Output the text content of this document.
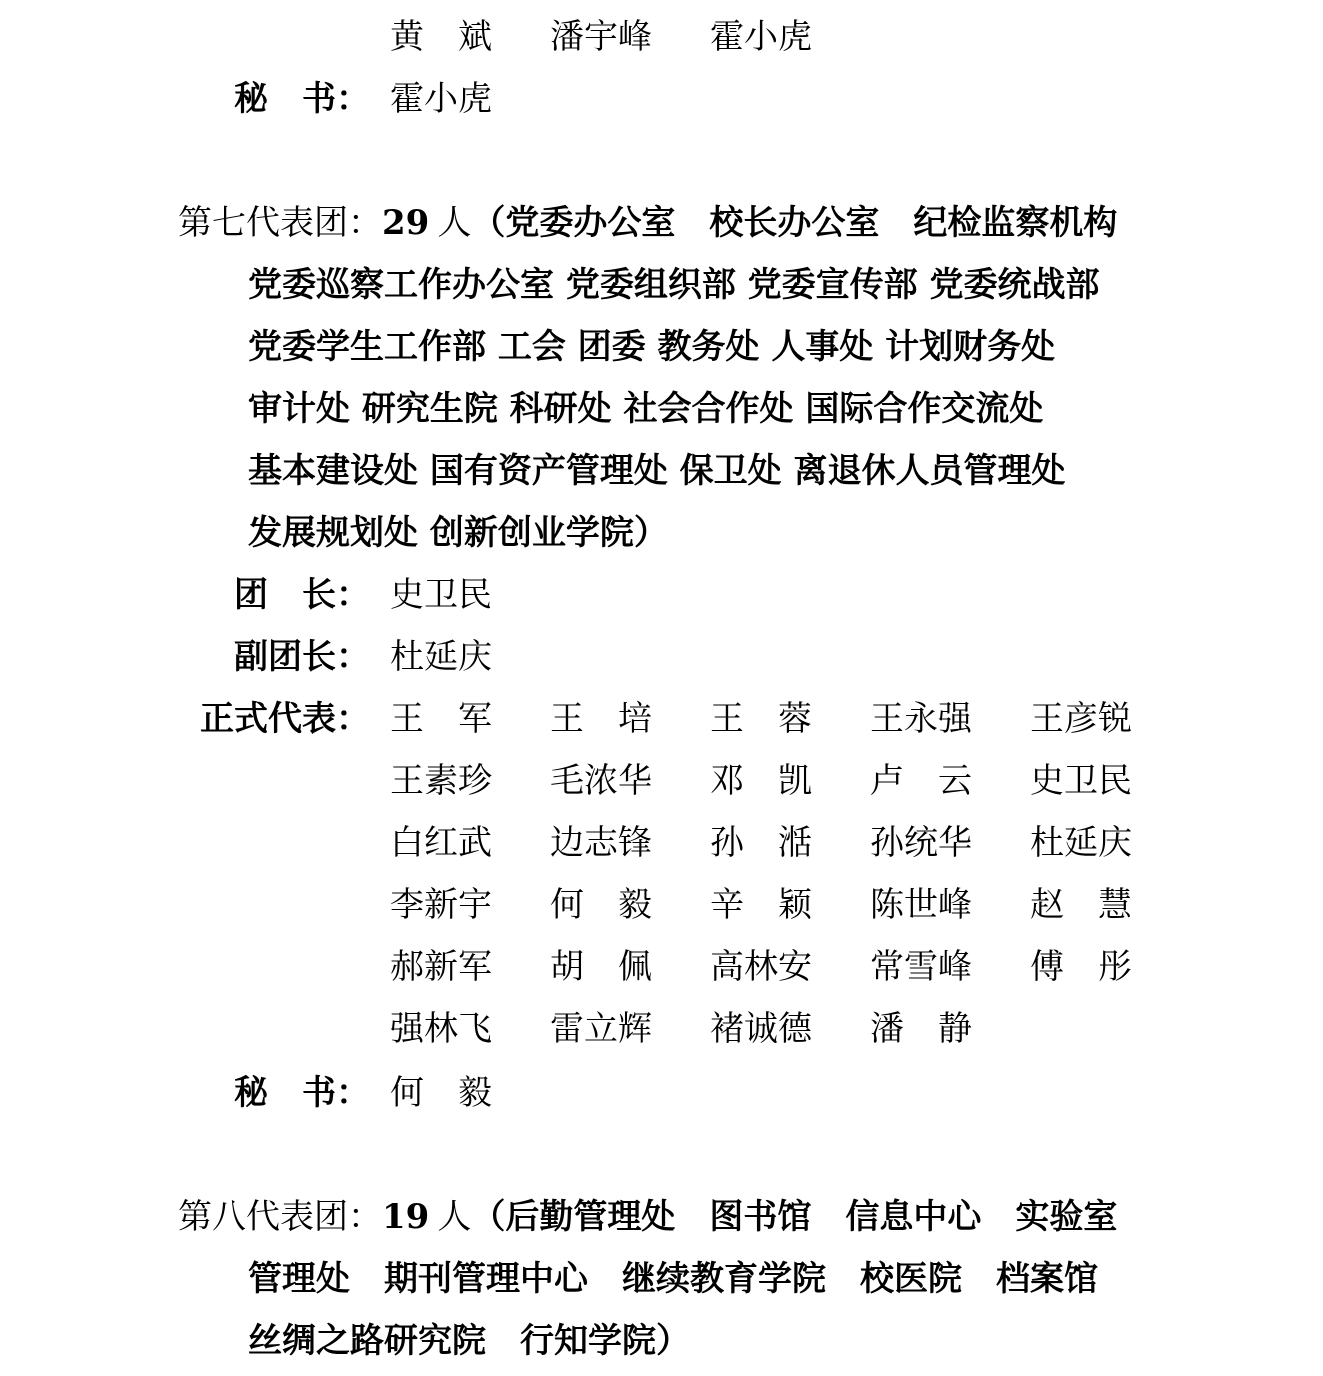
黄　斌 潘宇峰 霍小虎
秘　书： 霍小虎
第七代表团：29 人（党委办公室　校长办公室　纪检监察机构
党委巡察工作办公室 党委组织部 党委宣传部 党委统战部
党委学生工作部 工会 团委 教务处 人事处 计划财务处
审计处 研究生院 科研处 社会合作处 国际合作交流处
基本建设处 国有资产管理处 保卫处 离退休人员管理处
发展规划处 创新创业学院）
团　长： 史卫民
副团长： 杜延庆
正式代表： 王　军 王　培 王　蓉 王永强 王彦锐
王素珍 毛浓华 邓　凯 卢　云 史卫民
白红武 边志锋 孙　湉 孙统华 杜延庆
李新宇 何　毅 辛　颖 陈世峰 赵　慧
郝新军 胡　佩 高林安 常雪峰 傅　彤
强林飞 雷立辉 褚诚德 潘　静
秘　书： 何　毅
第八代表团：19 人（后勤管理处　图书馆　信息中心　实验室
管理处　期刊管理中心　继续教育学院　校医院　档案馆
丝绸之路研究院　行知学院）
